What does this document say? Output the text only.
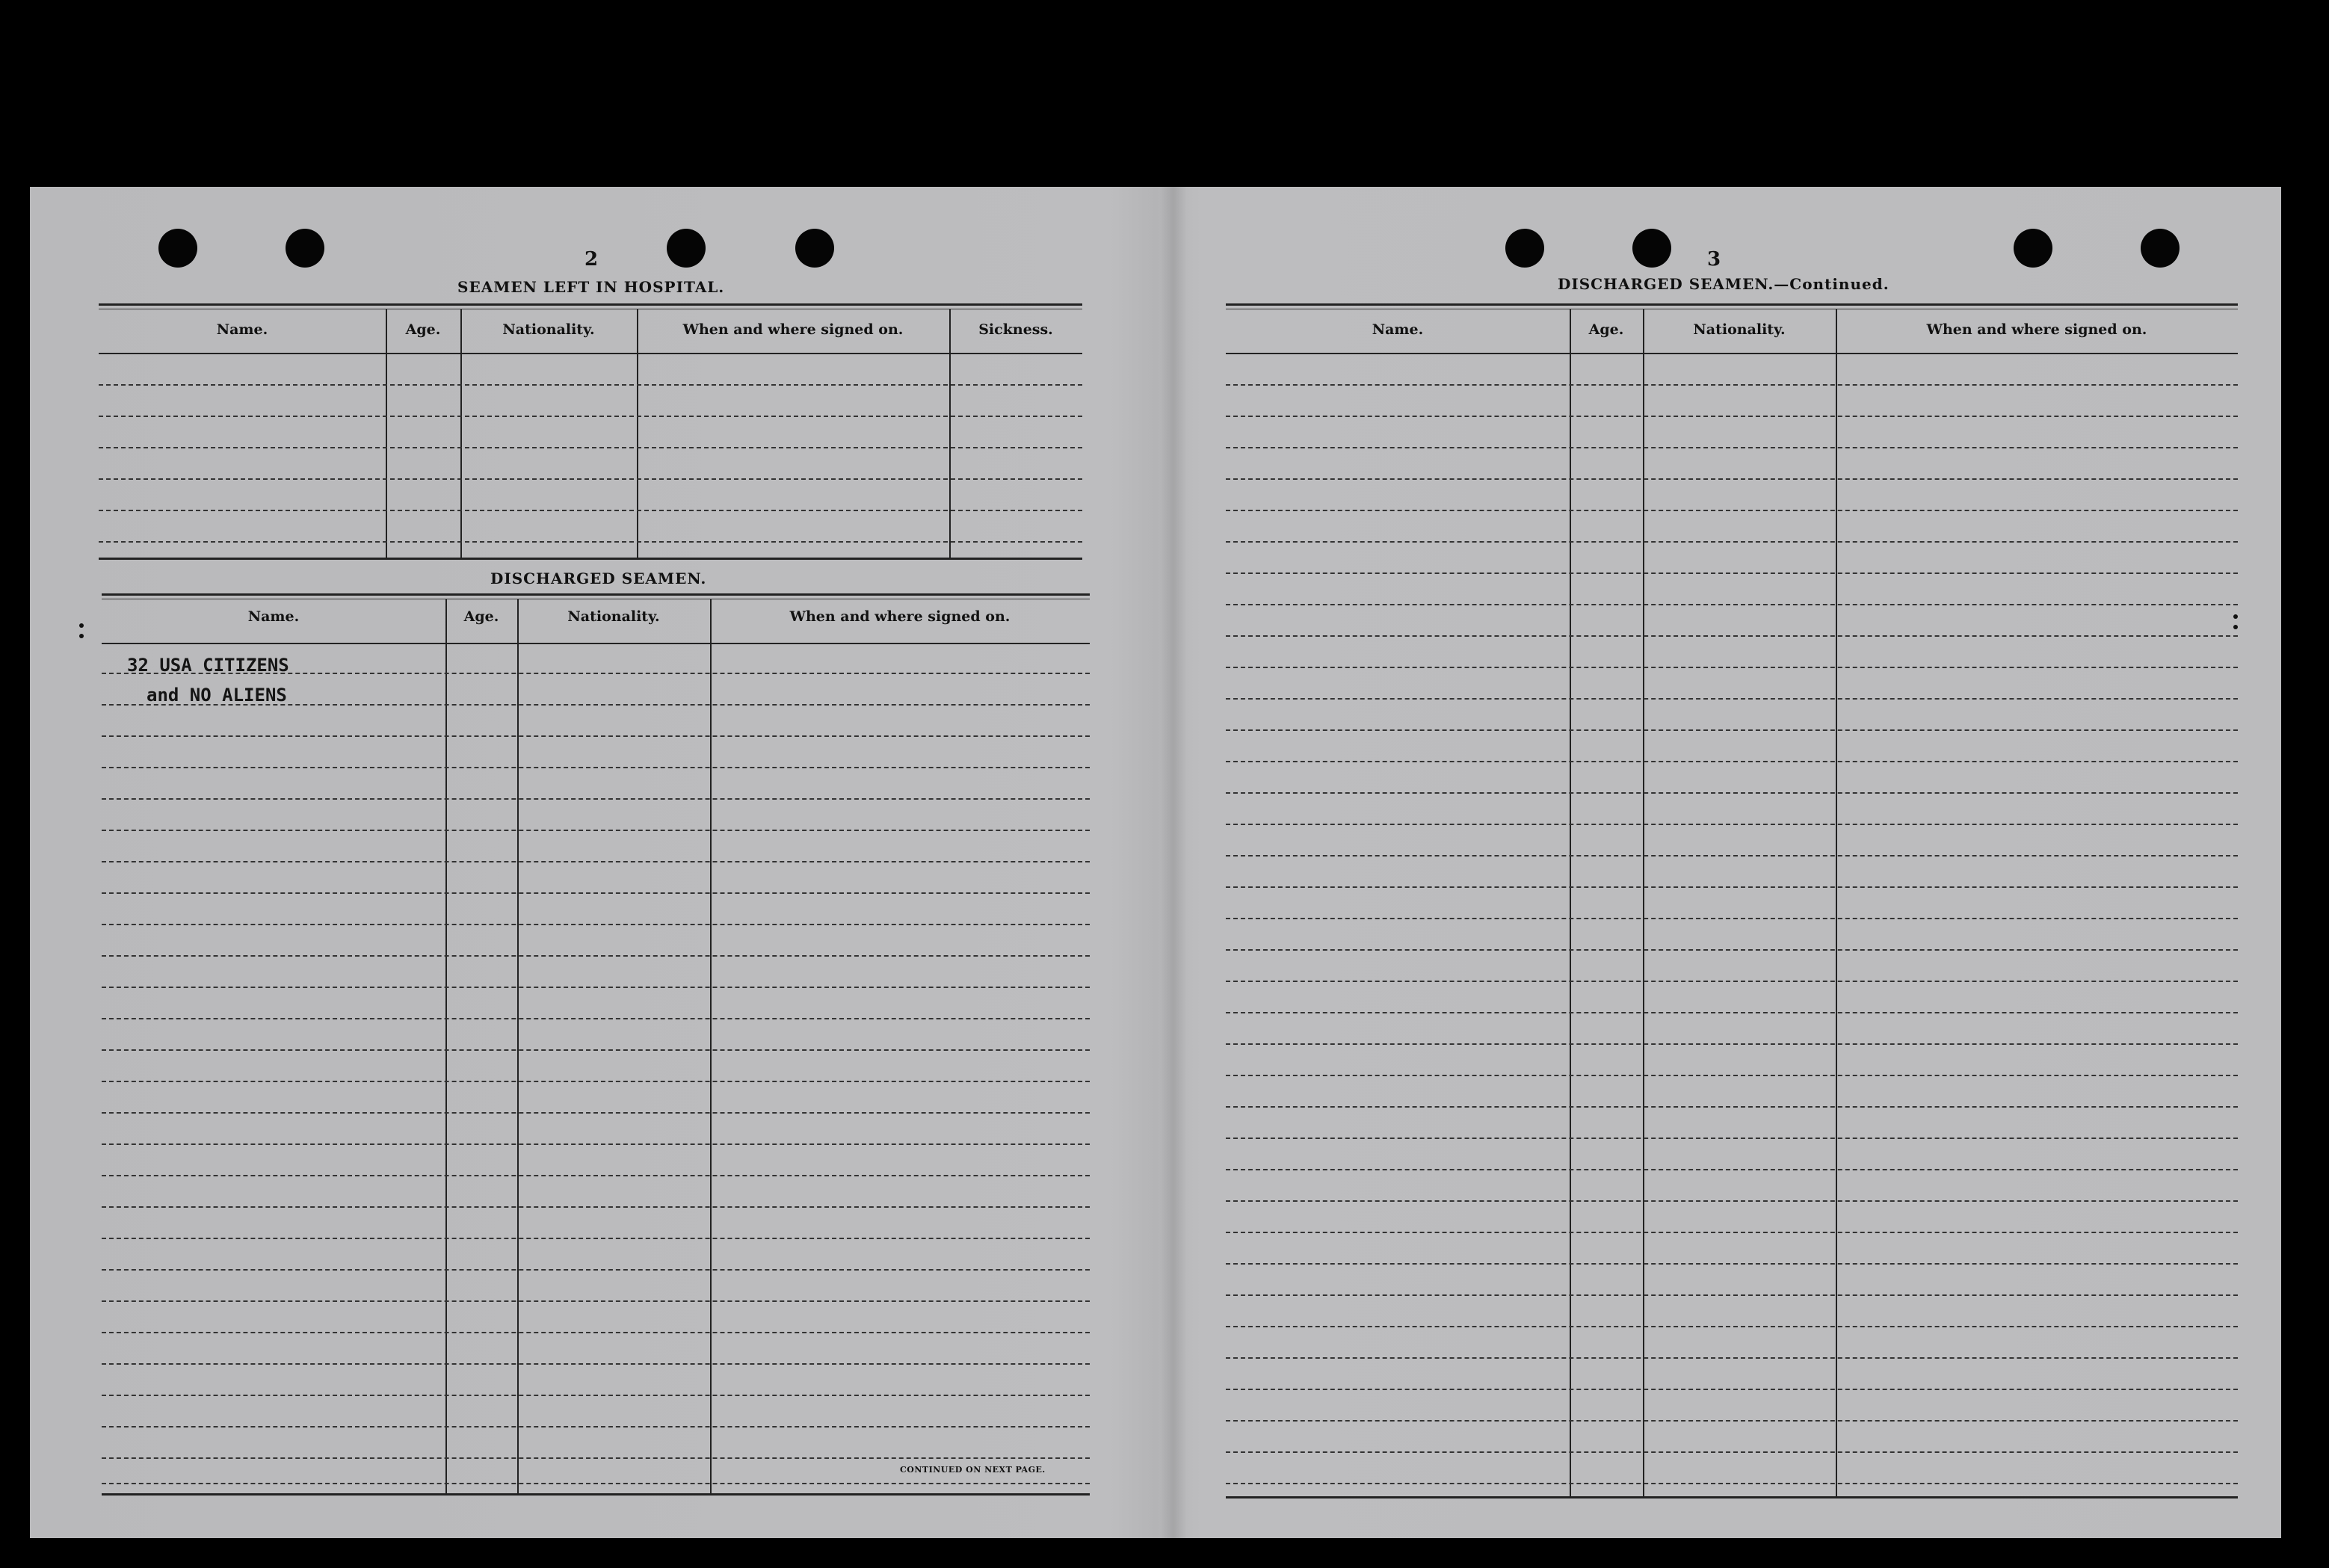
2
SEAMEN LEFT IN HOSPITAL.
Name.	Age.	Nationality.	When and where signed on.	Sickness.
DISCHARGED SEAMEN.
Name.	Age.	Nationality.	When and where signed on.
32 USA CITIZENS
and NO ALIENS
CONTINUED ON NEXT PAGE.
3
DISCHARGED SEAMEN.—Continued.
Name.	Age.	Nationality.	When and where signed on.
